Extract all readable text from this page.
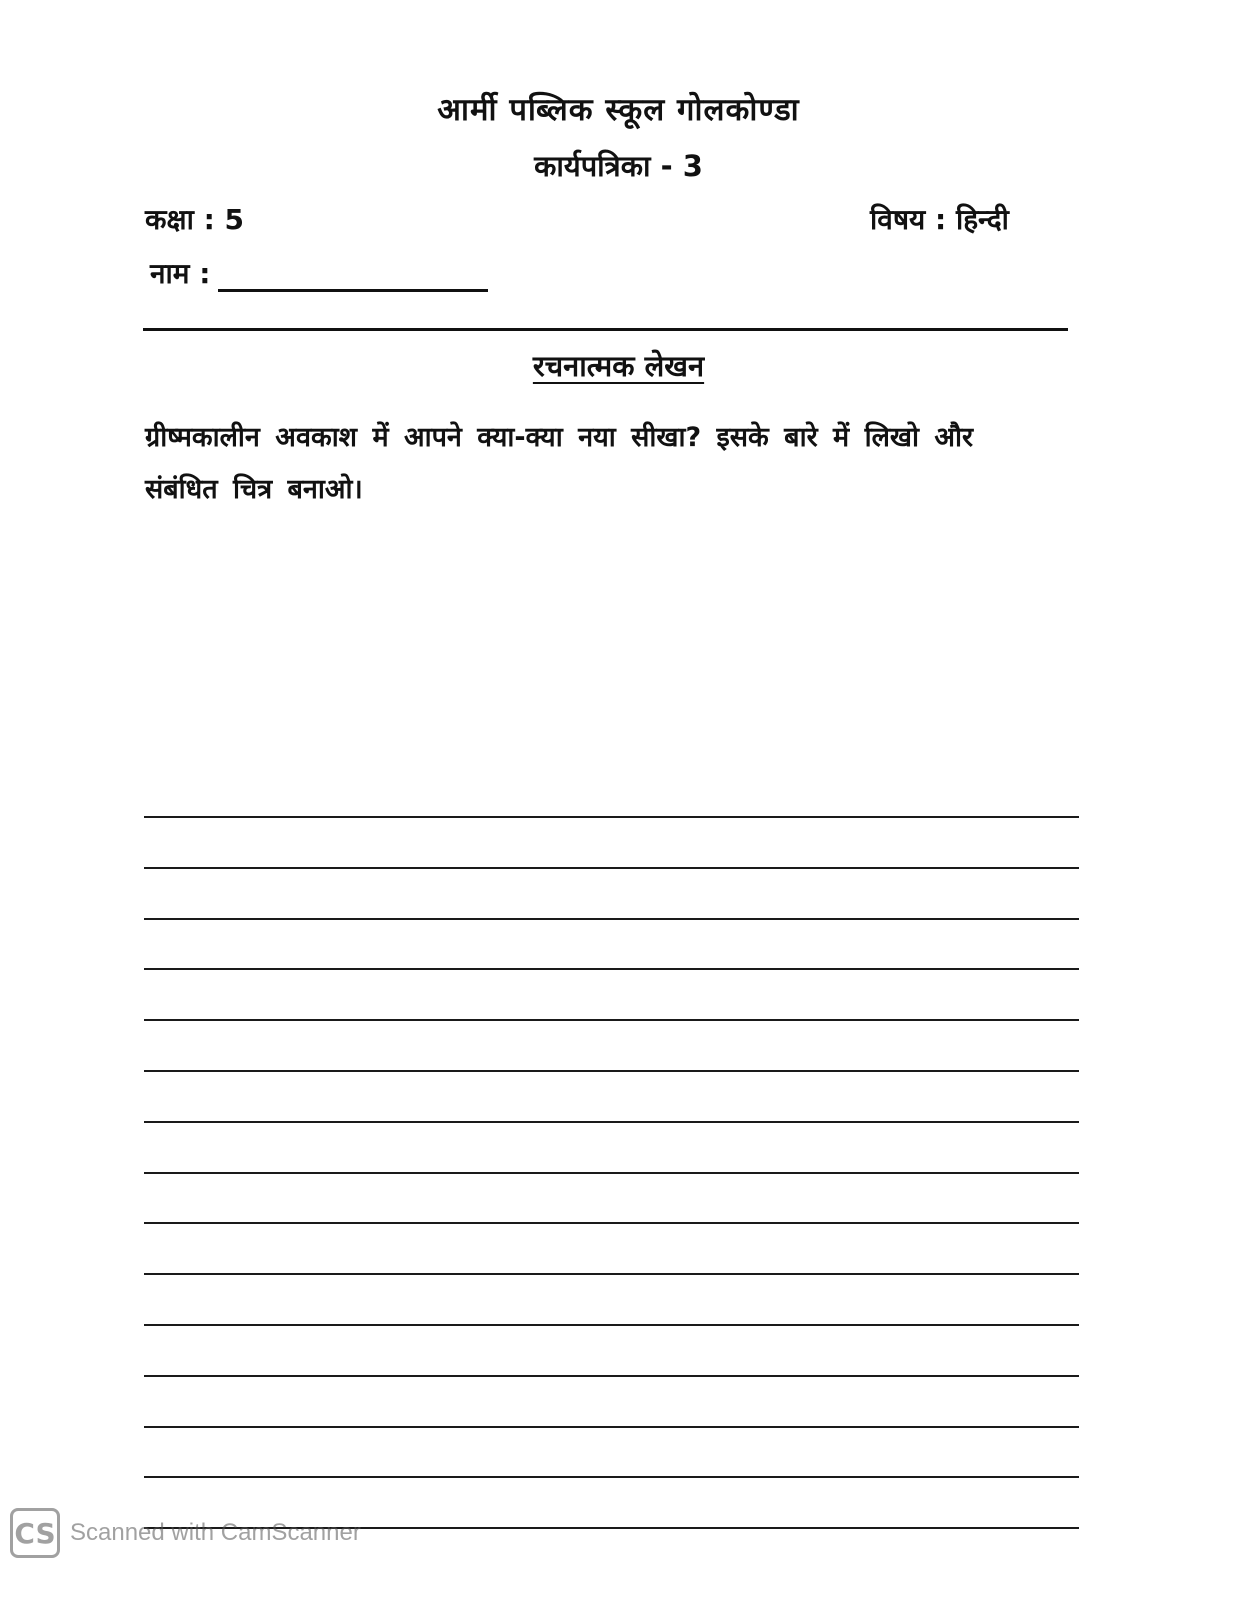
आर्मी पब्लिक स्कूल गोलकोण्डा
कार्यपत्रिका - 3
कक्षा : 5	विषय : हिन्दी
नाम :
रचनात्मक लेखन
ग्रीष्मकालीन अवकाश में आपने क्या-क्या नया सीखा? इसके बारे में लिखो और संबंधित चित्र बनाओ।
CS Scanned with CamScanner
